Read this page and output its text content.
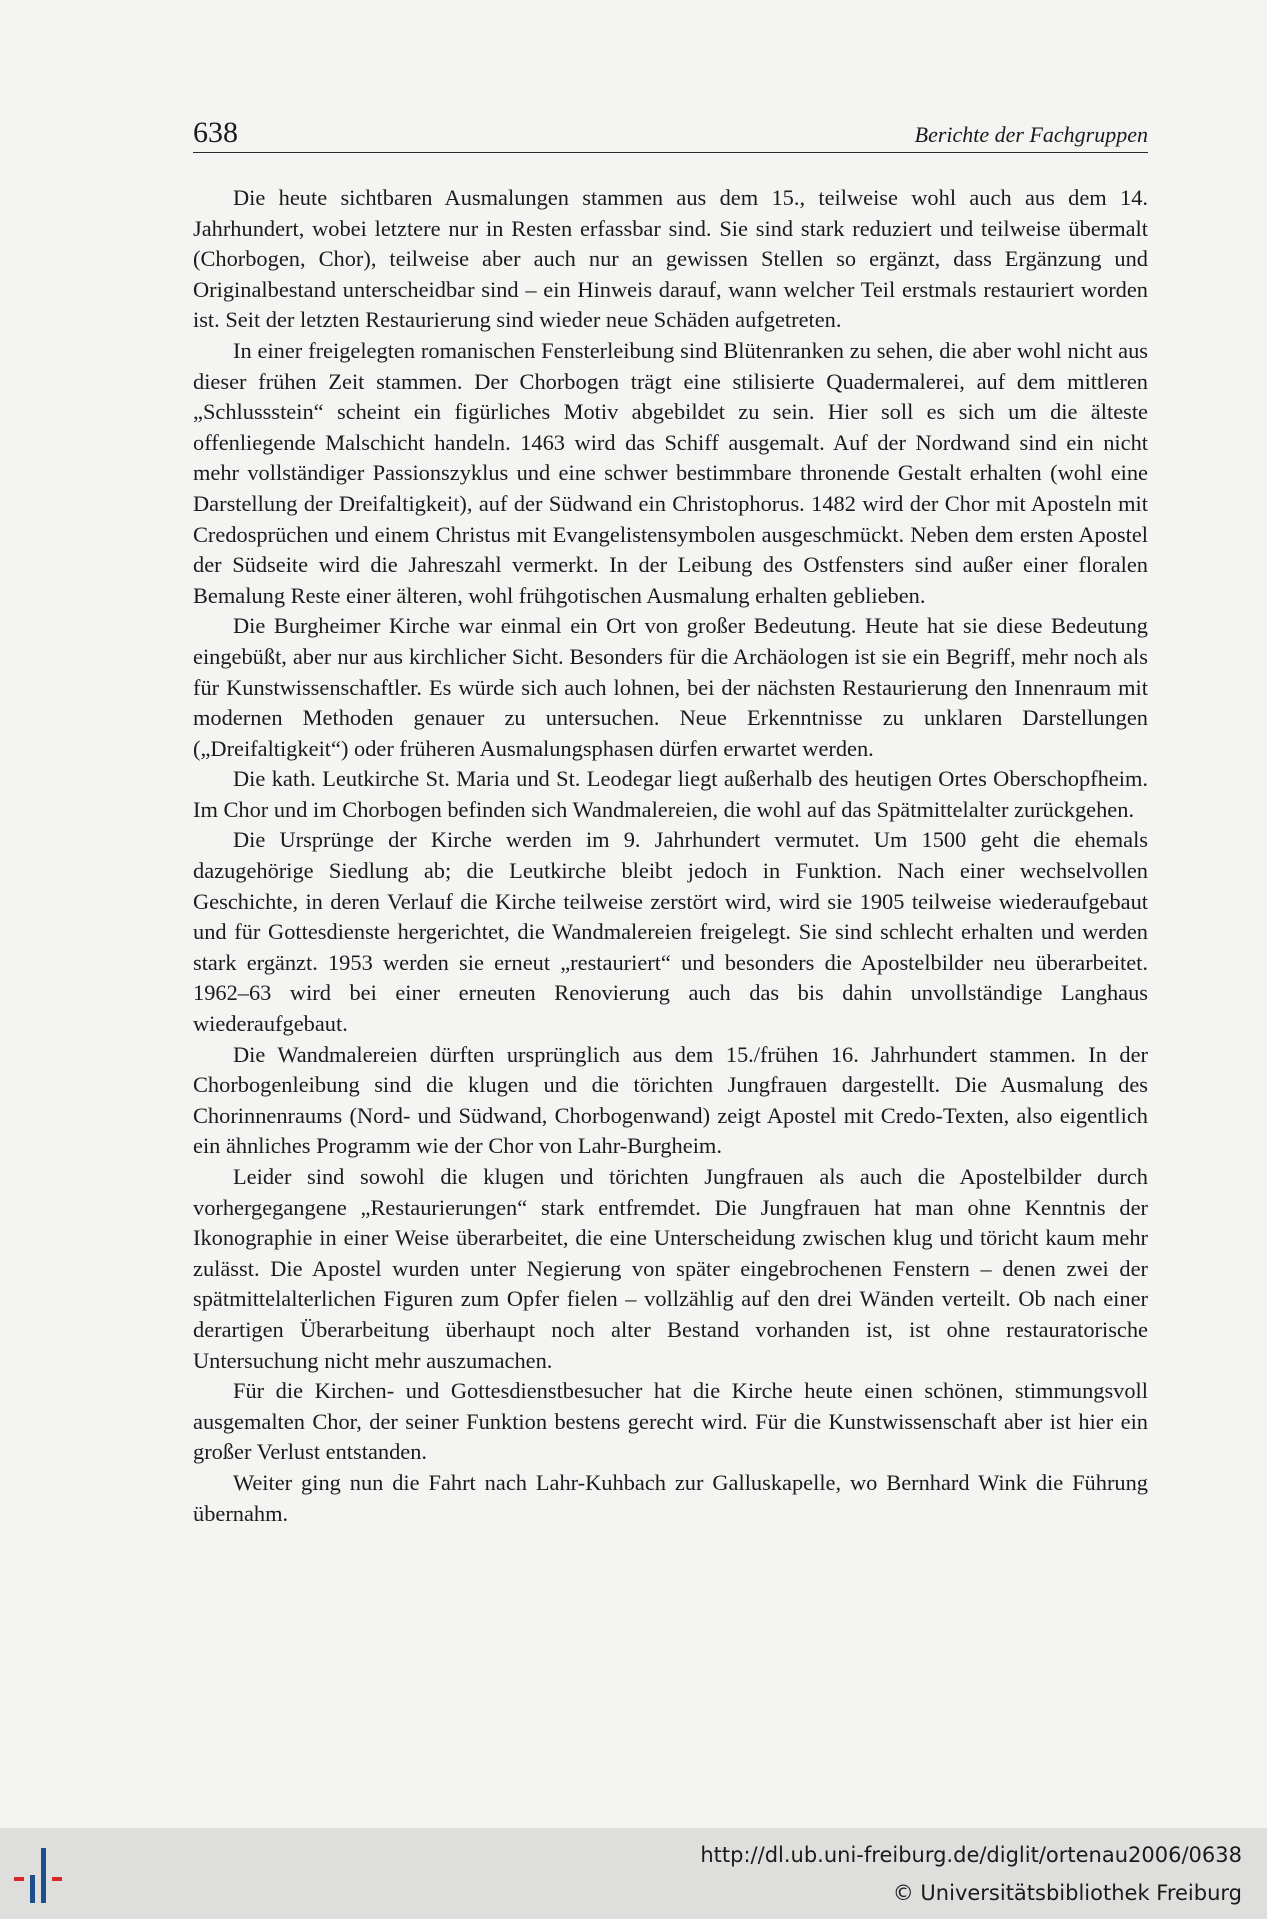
638	Berichte der Fachgruppen

Die heute sichtbaren Ausmalungen stammen aus dem 15., teilweise wohl auch aus dem 14. Jahrhundert, wobei letztere nur in Resten erfassbar sind. Sie sind stark reduziert und teilweise übermalt (Chorbogen, Chor), teilweise aber auch nur an gewissen Stellen so ergänzt, dass Ergänzung und Originalbestand unterscheidbar sind – ein Hinweis darauf, wann welcher Teil erstmals restauriert worden ist. Seit der letzten Restaurierung sind wieder neue Schäden aufgetreten.

In einer freigelegten romanischen Fensterleibung sind Blütenranken zu sehen, die aber wohl nicht aus dieser frühen Zeit stammen. Der Chorbogen trägt eine stilisierte Quadermalerei, auf dem mittleren „Schlussstein“ scheint ein figürliches Motiv abgebildet zu sein. Hier soll es sich um die älteste offenliegende Malschicht handeln. 1463 wird das Schiff ausgemalt. Auf der Nordwand sind ein nicht mehr vollständiger Passionszyklus und eine schwer bestimmbare thronende Gestalt erhalten (wohl eine Darstellung der Dreifaltigkeit), auf der Südwand ein Christophorus. 1482 wird der Chor mit Aposteln mit Credosprüchen und einem Christus mit Evangelistensymbolen ausgeschmückt. Neben dem ersten Apostel der Südseite wird die Jahreszahl vermerkt. In der Leibung des Ostfensters sind außer einer floralen Bemalung Reste einer älteren, wohl frühgotischen Ausmalung erhalten geblieben.

Die Burgheimer Kirche war einmal ein Ort von großer Bedeutung. Heute hat sie diese Bedeutung eingebüßt, aber nur aus kirchlicher Sicht. Besonders für die Archäologen ist sie ein Begriff, mehr noch als für Kunstwissenschaftler. Es würde sich auch lohnen, bei der nächsten Restaurierung den Innenraum mit modernen Methoden genauer zu untersuchen. Neue Erkenntnisse zu unklaren Darstellungen („Dreifaltigkeit“) oder früheren Ausmalungsphasen dürfen erwartet werden.

Die kath. Leutkirche St. Maria und St. Leodegar liegt außerhalb des heutigen Ortes Oberschopfheim. Im Chor und im Chorbogen befinden sich Wandmalereien, die wohl auf das Spätmittelalter zurückgehen.

Die Ursprünge der Kirche werden im 9. Jahrhundert vermutet. Um 1500 geht die ehemals dazugehörige Siedlung ab; die Leutkirche bleibt jedoch in Funktion. Nach einer wechselvollen Geschichte, in deren Verlauf die Kirche teilweise zerstört wird, wird sie 1905 teilweise wiederaufgebaut und für Gottesdienste hergerichtet, die Wandmalereien freigelegt. Sie sind schlecht erhalten und werden stark ergänzt. 1953 werden sie erneut „restauriert“ und besonders die Apostelbilder neu überarbeitet. 1962–63 wird bei einer erneuten Renovierung auch das bis dahin unvollständige Langhaus wiederaufgebaut.

Die Wandmalereien dürften ursprünglich aus dem 15./frühen 16. Jahrhundert stammen. In der Chorbogenleibung sind die klugen und die törichten Jungfrauen dargestellt. Die Ausmalung des Chorinnenraums (Nord- und Südwand, Chorbogenwand) zeigt Apostel mit Credo-Texten, also eigentlich ein ähnliches Programm wie der Chor von Lahr-Burgheim.

Leider sind sowohl die klugen und törichten Jungfrauen als auch die Apostelbilder durch vorhergegangene „Restaurierungen“ stark entfremdet. Die Jungfrauen hat man ohne Kenntnis der Ikonographie in einer Weise überarbeitet, die eine Unterscheidung zwischen klug und töricht kaum mehr zulässt. Die Apostel wurden unter Negierung von später eingebrochenen Fenstern – denen zwei der spätmittelalterlichen Figuren zum Opfer fielen – vollzählig auf den drei Wänden verteilt. Ob nach einer derartigen Überarbeitung überhaupt noch alter Bestand vorhanden ist, ist ohne restauratorische Untersuchung nicht mehr auszumachen.

Für die Kirchen- und Gottesdienstbesucher hat die Kirche heute einen schönen, stimmungsvoll ausgemalten Chor, der seiner Funktion bestens gerecht wird. Für die Kunstwissenschaft aber ist hier ein großer Verlust entstanden.

Weiter ging nun die Fahrt nach Lahr-Kuhbach zur Galluskapelle, wo Bernhard Wink die Führung übernahm.

http://dl.ub.uni-freiburg.de/diglit/ortenau2006/0638
© Universitätsbibliothek Freiburg
